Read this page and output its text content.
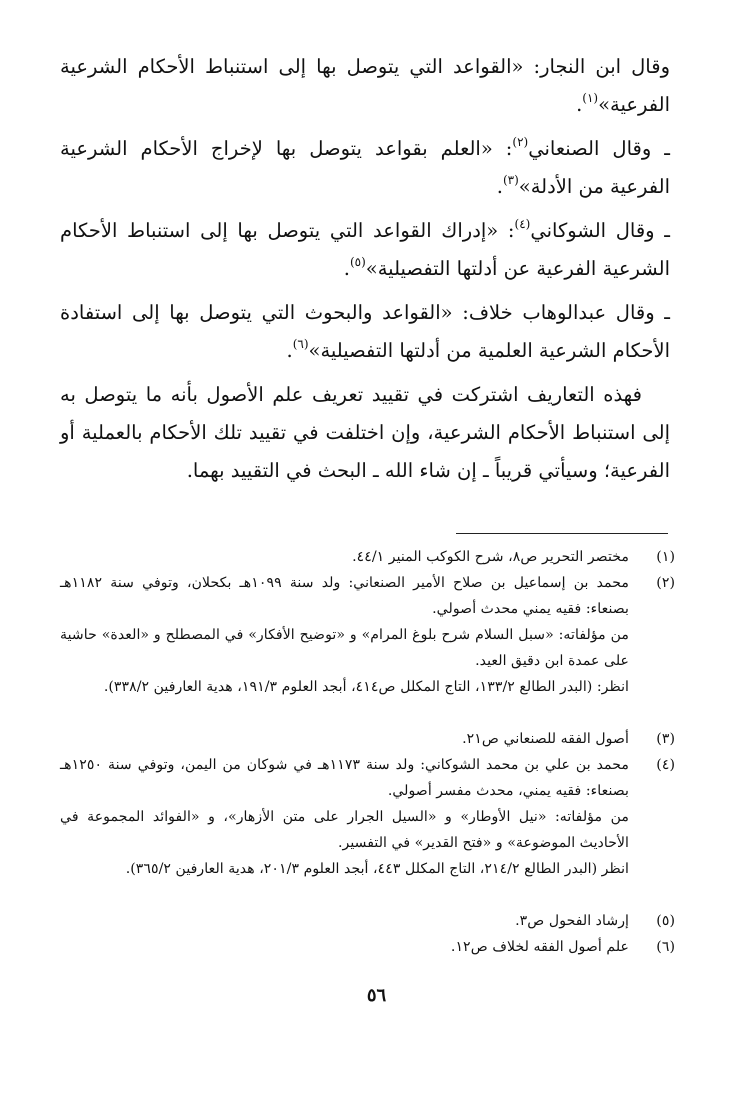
وقال ابن النجار: «القواعد التي يتوصل بها إلى استنباط الأحكام الشرعية الفرعية»$^{(١)}$.

ـ وقال الصنعاني$^{(٢)}$: «العلم بقواعد يتوصل بها لإخراج الأحكام الشرعية الفرعية من الأدلة»$^{(٣)}$.

ـ وقال الشوكاني$^{(٤)}$: «إدراك القواعد التي يتوصل بها إلى استنباط الأحكام الشرعية الفرعية عن أدلتها التفصيلية»$^{(٥)}$.

ـ وقال عبدالوهاب خلاف: «القواعد والبحوث التي يتوصل بها إلى استفادة الأحكام الشرعية العلمية من أدلتها التفصيلية»$^{(٦)}$.

فهذه التعاريف اشتركت في تقييد تعريف علم الأصول بأنه ما يتوصل به إلى استنباط الأحكام الشرعية، وإن اختلفت في تقييد تلك الأحكام بالعملية أو الفرعية؛ وسيأتي قريباً ـ إن شاء الله ـ البحث في التقييد بهما.

(١)
مختصر التحرير ص٨، شرح الكوكب المنير ٤٤/١.
(٢)
محمد بن إسماعيل بن صلاح الأمير الصنعاني: ولد سنة ١٠٩٩هـ بكحلان، وتوفي سنة ١١٨٢هـ بصنعاء: فقيه يمني محدث أصولي.
من مؤلفاته: «سبل السلام شرح بلوغ المرام» و «توضيح الأفكار» في المصطلح و «العدة» حاشية على عمدة ابن دقيق العيد.
انظر: (البدر الطالع ١٣٣/٢، التاج المكلل ص٤١٤، أبجد العلوم ١٩١/٣، هدية العارفين ٣٣٨/٢).
(٣)
أصول الفقه للصنعاني ص٢١.
(٤)
محمد بن علي بن محمد الشوكاني: ولد سنة ١١٧٣هـ في شوكان من اليمن، وتوفي سنة ١٢٥٠هـ بصنعاء: فقيه يمني، محدث مفسر أصولي.
من مؤلفاته: «نيل الأوطار» و «السيل الجرار على متن الأزهار»، و «الفوائد المجموعة في الأحاديث الموضوعة» و «فتح القدير» في التفسير.
انظر (البدر الطالع ٢١٤/٢، التاج المكلل ٤٤٣، أبجد العلوم ٢٠١/٣، هدية العارفين ٣٦٥/٢).
(٥)
إرشاد الفحول ص٣.
(٦)
علم أصول الفقه لخلاف ص١٢.
٥٦
